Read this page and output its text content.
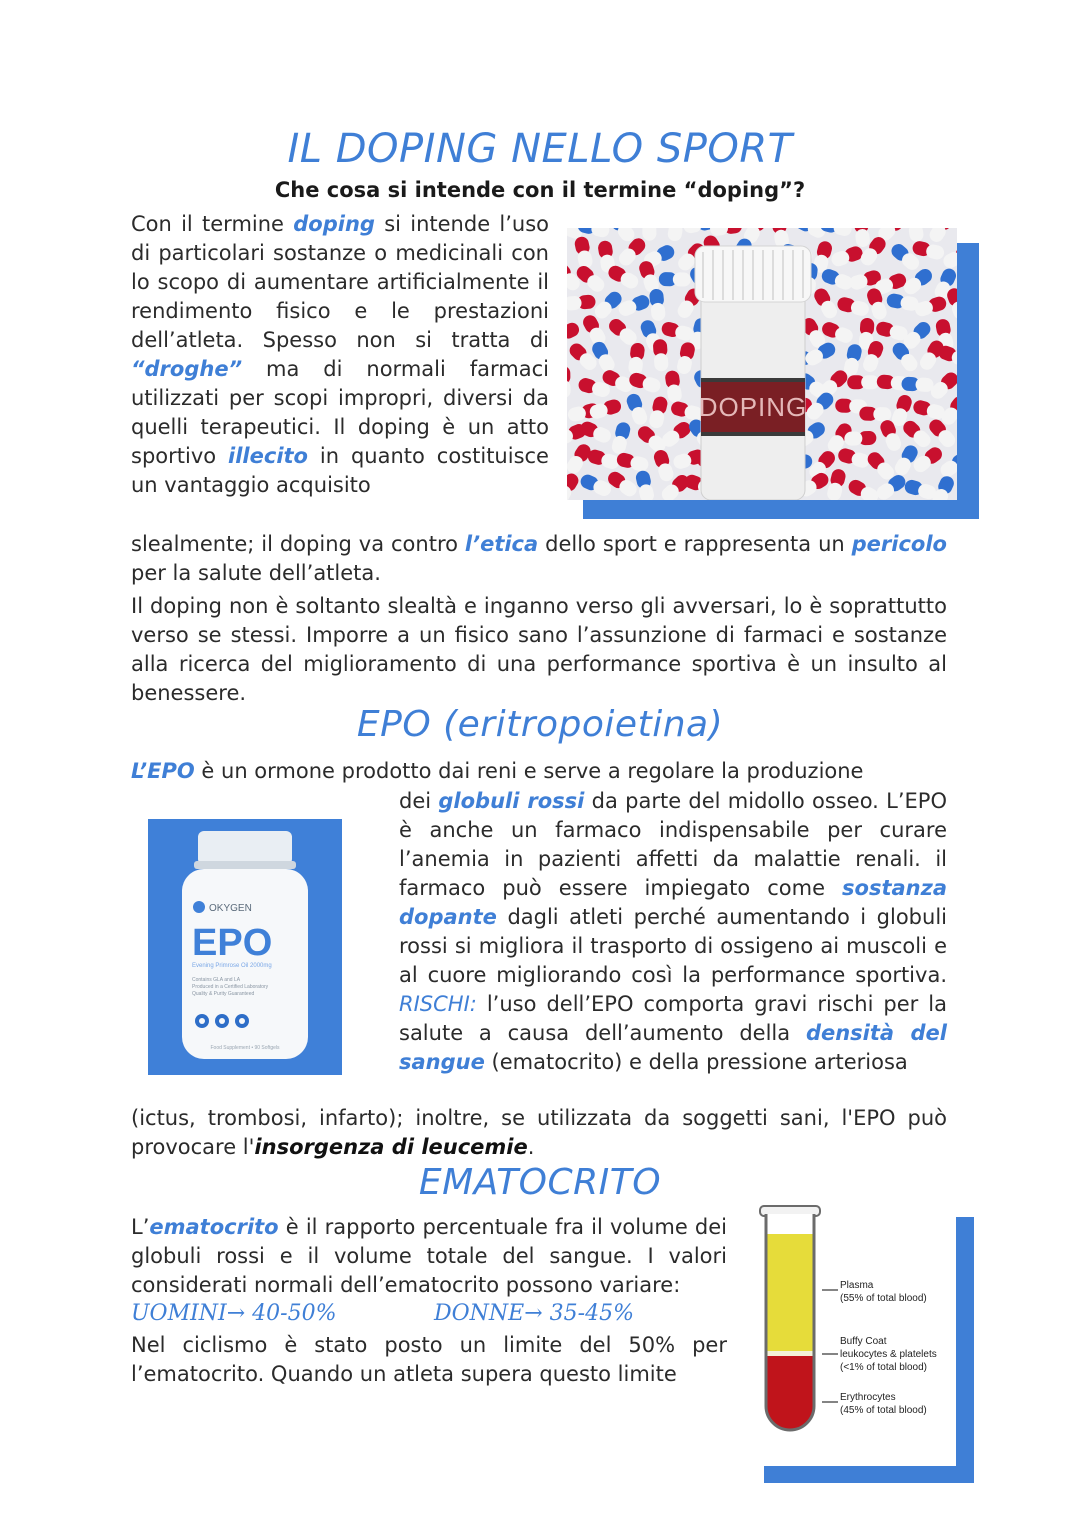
IL DOPING NELLO SPORT
Che cosa si intende con il termine “doping”?
Con il termine doping si intende l’uso di particolari sostanze o medicinali con lo scopo di aumentare artificialmente il rendimento fisico e le prestazioni dell’atleta. Spesso non si tratta di “droghe” ma di normali farmaci utilizzati per scopi impropri, diversi da quelli terapeutici. Il doping è un atto sportivo illecito in quanto costituisce un vantaggio acquisito
slealmente; il doping va contro l’etica dello sport e rappresenta un pericolo per la salute dell’atleta.
Il doping non è soltanto slealtà e inganno verso gli avversari, lo è soprattutto verso se stessi. Imporre a un fisico sano l’assunzione di farmaci e sostanze alla ricerca del miglioramento di una performance sportiva è un insulto al benessere.
DOPING
EPO (eritropoietina)
L’EPO è un ormone prodotto dai reni e serve a regolare la produzione
dei globuli rossi da parte del midollo osseo. L’EPO è anche un farmaco indispensabile per curare l’anemia in pazienti affetti da malattie renali. il farmaco può essere impiegato come sostanza dopante dagli atleti perché aumentando i globuli rossi si migliora il trasporto di ossigeno ai muscoli e al cuore migliorando così la performance sportiva. RISCHI: l’uso dell’EPO comporta gravi rischi per la salute a causa dell’aumento della densità del sangue (ematocrito) e della pressione arteriosa
(ictus, trombosi, infarto); inoltre, se utilizzata da soggetti sani, l'EPO può provocare l'insorgenza di leucemie.
OKYGEN
EPO
Evening Primrose Oil 2000mg
Contains GLA and LA
Produced in a Certified Laboratory
Quality & Purity Guaranteed
Food Supplement • 90 Softgels
EMATOCRITO
L’ematocrito è il rapporto percentuale fra il volume dei globuli rossi e il volume totale del sangue. I valori considerati normali dell’ematocrito possono variare:
UOMINI→ 40-50%	DONNE→ 35-45%
Nel ciclismo è stato posto un limite del 50% per l’ematocrito. Quando un atleta supera questo limite
Plasma
(55% of total blood)
Buffy Coat
leukocytes & platelets
(<1% of total blood)
Erythrocytes
(45% of total blood)
